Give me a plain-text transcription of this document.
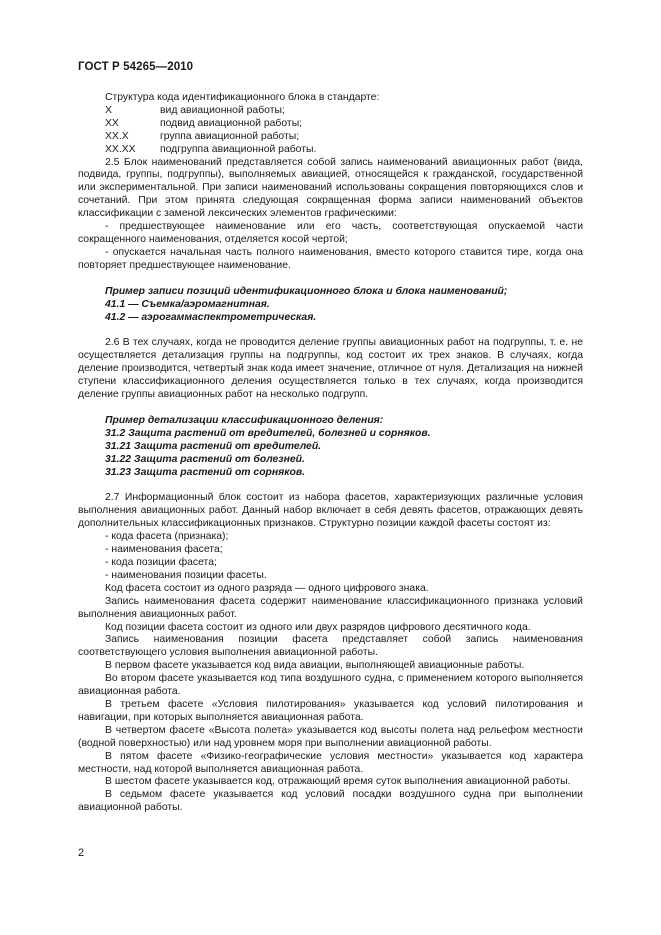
ГОСТ Р 54265—2010

Структура кода идентификационного блока в стандарте:

Х	вид авиационной работы;
ХХ	подвид авиационной работы;
ХХ.Х	группа авиационной работы;
ХХ.ХХ	подгруппа авиационной работы.

2.5 Блок наименований представляется собой запись наименований авиационных работ (вида, подвида, группы, подгруппы), выполняемых авиацией, относящейся к гражданской, государственной или экспериментальной. При записи наименований использованы сокращения повторяющихся слов и сочетаний. При этом принята следующая сокращенная форма записи наименований объектов классификации с заменой лексических элементов графическими:

- предшествующее наименование или его часть, соответствующая опускаемой части сокращенного наименования, отделяется косой чертой;

- опускается начальная часть полного наименования, вместо которого ставится тире, когда она повторяет предшествующее наименование.

Пример записи позиций идентификационного блока и блока наименований;

41.1 — Съемка/аэромагнитная.

41.2 — аэрогаммаспектрометрическая.

2.6 В тех случаях, когда не проводится деление группы авиационных работ на подгруппы, т. е. не осуществляется детализация группы на подгруппы, код состоит их трех знаков. В случаях, когда деление производится, четвертый знак кода имеет значение, отличное от нуля. Детализация на нижней ступени классификационного деления осуществляется только в тех случаях, когда производится деление группы авиационных работ на несколько подгрупп.

Пример детализации классификационного деления:

31.2 Защита растений от вредителей, болезней и сорняков.

31.21 Защита растений от вредителей.

31.22 Защита растений от болезней.

31.23 Защита растений от сорняков.

2.7 Информационный блок состоит из набора фасетов, характеризующих различные условия выполнения авиационных работ. Данный набор включает в себя девять фасетов, отражающих девять дополнительных классификационных признаков. Структурно позиции каждой фасеты состоят из:

- кода фасета (признака);

- наименования фасета;

- кода позиции фасета;

- наименования позиции фасеты.

Код фасета состоит из одного разряда — одного цифрового знака.

Запись наименования фасета содержит наименование классификационного признака условий выполнения авиационных работ.

Код позиции фасета состоит из одного или двух разрядов цифрового десятичного кода.

Запись наименования позиции фасета представляет собой запись наименования соответствующего условия выполнения авиационной работы.

В первом фасете указывается код вида авиации, выполняющей авиационные работы.

Во втором фасете указывается код типа воздушного судна, с применением которого выполняется авиационная работа.

В третьем фасете «Условия пилотирования» указывается код условий пилотирования и навигации, при которых выполняется авиационная работа.

В четвертом фасете «Высота полета» указывается код высоты полета над рельефом местности (водной поверхностью) или над уровнем моря при выполнении авиационной работы.

В пятом фасете «Физико-географические условия местности» указывается код характера местности, над которой выполняется авиационная работа.

В шестом фасете указывается код, отражающий время суток выполнения авиационной работы.

В седьмом фасете указывается код условий посадки воздушного судна при выполнении авиационной работы.

2
